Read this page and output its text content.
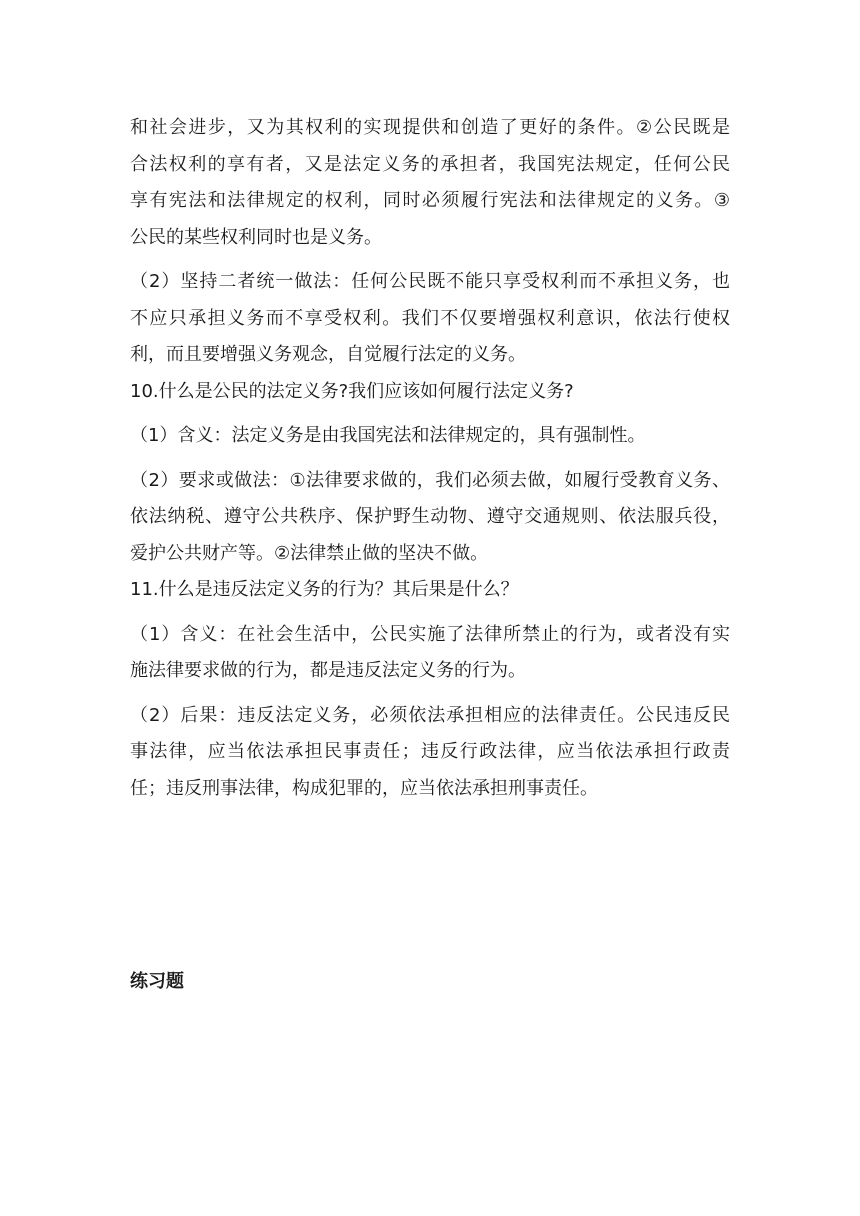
和社会进步，又为其权利的实现提供和创造了更好的条件。②公民既是
合法权利的享有者，又是法定义务的承担者，我国宪法规定，任何公民
享有宪法和法律规定的权利，同时必须履行宪法和法律规定的义务。③
公民的某些权利同时也是义务。

（2）坚持二者统一做法：任何公民既不能只享受权利而不承担义务，也
不应只承担义务而不享受权利。我们不仅要增强权利意识，依法行使权
利，而且要增强义务观念，自觉履行法定的义务。

10.什么是公民的法定义务?我们应该如何履行法定义务?

（1）含义：法定义务是由我国宪法和法律规定的，具有强制性。

（2）要求或做法：①法律要求做的，我们必须去做，如履行受教育义务、
依法纳税、遵守公共秩序、保护野生动物、遵守交通规则、依法服兵役，
爱护公共财产等。②法律禁止做的坚决不做。

11.什么是违反法定义务的行为？其后果是什么？

（1）含义：在社会生活中，公民实施了法律所禁止的行为，或者没有实
施法律要求做的行为，都是违反法定义务的行为。

（2）后果：违反法定义务，必须依法承担相应的法律责任。公民违反民
事法律，应当依法承担民事责任；违反行政法律，应当依法承担行政责
任；违反刑事法律，构成犯罪的，应当依法承担刑事责任。

练习题
